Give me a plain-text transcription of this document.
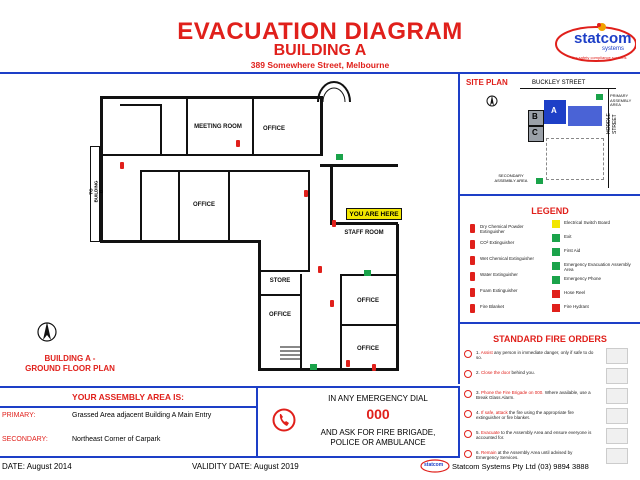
EVACUATION DIAGRAM
BUILDING A
389 Somewhere Street, Melbourne
statcom
systems
fire safety compliance systems
MEETING ROOM	OFFICE
OFFICE
STAFF ROOM
STORE
OFFICE
OFFICE
OFFICE
TO BUILDING B
YOU ARE HERE
BUILDING A -
GROUND FLOOR PLAN
SITE PLAN	BUCKLEY STREET
HODDLE STREET
A
B
C
PRIMARY ASSEMBLY AREA
SECONDARY ASSEMBLY AREA
LEGEND
Dry Chemical Powder Extinguisher
CO² Extinguisher
Wet Chemical Extinguisher
Water Extinguisher
Foam Extinguisher
Fire Blanket
Electrical Switch Board
Exit
First Aid
Emergency Evacuation Assembly Area
Emergency Phone
Hose Reel
Fire Hydrant
STANDARD FIRE ORDERS
1. Assist any person in immediate danger, only if safe to do so.
2. Close the door behind you.
3. Phone the Fire Brigade on 000. Where available, use a Break Glass Alarm.
4. If safe, attack the fire using the appropriate fire extinguisher or fire blanket.
5. Evacuate to the Assembly Area and ensure everyone is accounted for.
6. Remain at the Assembly Area until advised by Emergency Services.
YOUR ASSEMBLY AREA IS:
PRIMARY:	Grassed Area adjacent Building A Main Entry
SECONDARY:	Northeast Corner of Carpark
IN ANY EMERGENCY DIAL
000
AND ASK FOR FIRE BRIGADE,
POLICE OR AMBULANCE
DATE: August 2014	VALIDITY DATE: August 2019	statcom Statcom Systems Pty Ltd (03) 9894 3888
